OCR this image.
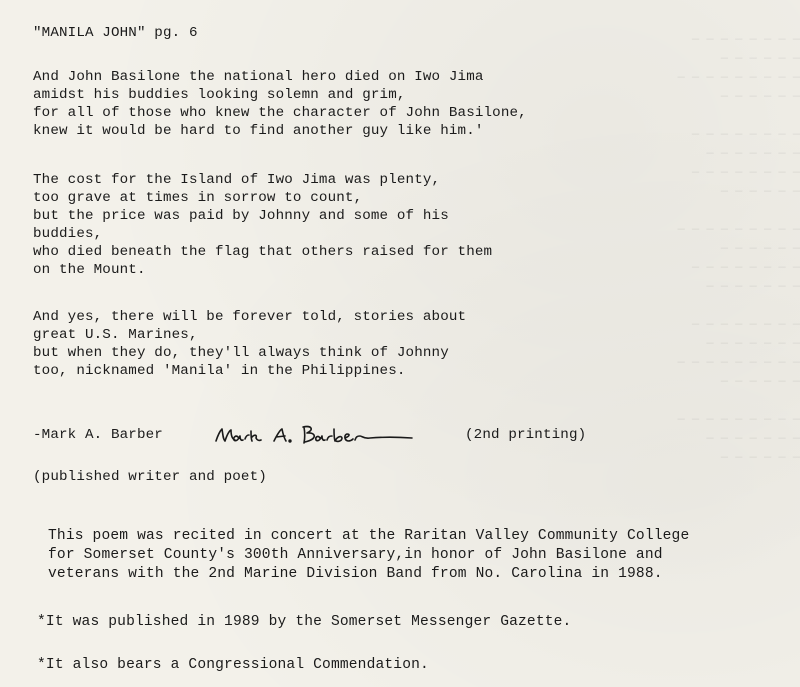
— — — — — — — —
— — — — — —
— — — — — — — — —
— — — — — —

— — — — — — — —
— — — — — — —
— — — — — — — —
— — — — — —

— — — — — — — — —
— — — — — —
— — — — — — — —
— — — — — — —

— — — — — — — —
— — — — — — —
— — — — — — — — —
— — — — — —

— — — — — — — — —
— — — — — — —
— — — — — —
"MANILA JOHN" pg. 6
And John Basilone the national hero died on Iwo Jima
amidst his buddies looking solemn and grim,
for all of those who knew the character of John Basilone,
knew it would be hard to find another guy like him.'
The cost for the Island of Iwo Jima was plenty,
too grave at times in sorrow to count,
but the price was paid by Johnny and some of his
buddies,
who died beneath the flag that others raised for them
on the Mount.
And yes, there will be forever told, stories about
great U.S. Marines,
but when they do, they'll always think of Johnny
too, nicknamed 'Manila' in the Philippines.
-Mark A. Barber	(2nd printing)
(published writer and poet)
This poem was recited in concert at the Raritan Valley Community College
for Somerset County's 300th Anniversary,in honor of John Basilone and
veterans with the 2nd Marine Division Band from No. Carolina in 1988.
*It was published in 1989 by the Somerset Messenger Gazette.
*It also bears a Congressional Commendation.
